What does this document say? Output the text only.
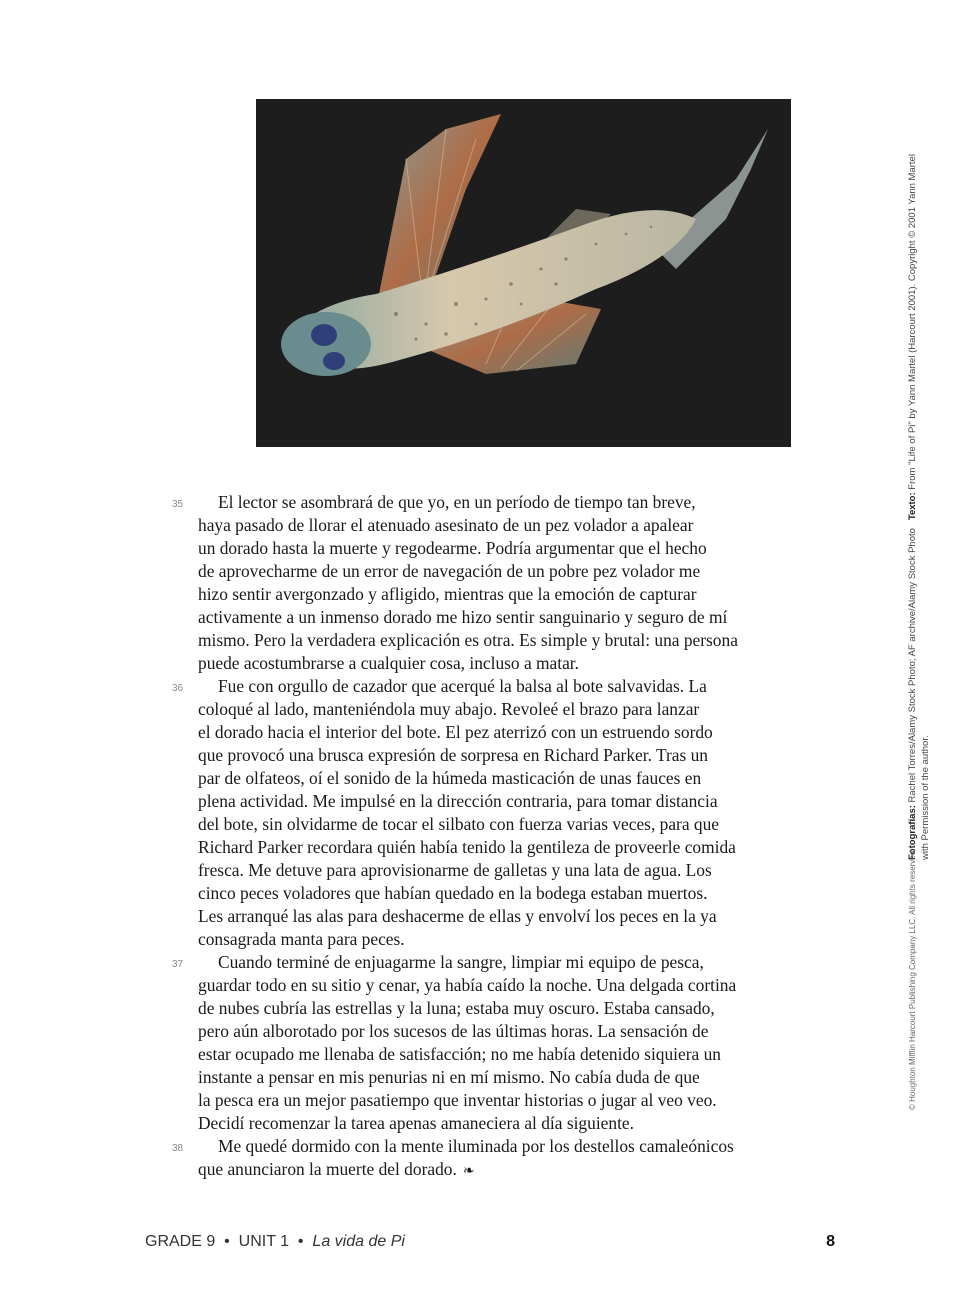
35	El lector se asombrará de que yo, en un período de tiempo tan breve,
haya pasado de llorar el atenuado asesinato de un pez volador a apalear
un dorado hasta la muerte y regodearme. Podría argumentar que el hecho
de aprovecharme de un error de navegación de un pobre pez volador me
hizo sentir avergonzado y afligido, mientras que la emoción de capturar
activamente a un inmenso dorado me hizo sentir sanguinario y seguro de mí
mismo. Pero la verdadera explicación es otra. Es simple y brutal: una persona
puede acostumbrarse a cualquier cosa, incluso a matar.
36	Fue con orgullo de cazador que acerqué la balsa al bote salvavidas. La
coloqué al lado, manteniéndola muy abajo. Revoleé el brazo para lanzar
el dorado hacia el interior del bote. El pez aterrizó con un estruendo sordo
que provocó una brusca expresión de sorpresa en Richard Parker. Tras un
par de olfateos, oí el sonido de la húmeda masticación de unas fauces en
plena actividad. Me impulsé en la dirección contraria, para tomar distancia
del bote, sin olvidarme de tocar el silbato con fuerza varias veces, para que
Richard Parker recordara quién había tenido la gentileza de proveerle comida
fresca. Me detuve para aprovisionarme de galletas y una lata de agua. Los
cinco peces voladores que habían quedado en la bodega estaban muertos.
Les arranqué las alas para deshacerme de ellas y envolví los peces en la ya
consagrada manta para peces.
37	Cuando terminé de enjuagarme la sangre, limpiar mi equipo de pesca,
guardar todo en su sitio y cenar, ya había caído la noche. Una delgada cortina
de nubes cubría las estrellas y la luna; estaba muy oscuro. Estaba cansado,
pero aún alborotado por los sucesos de las últimas horas. La sensación de
estar ocupado me llenaba de satisfacción; no me había detenido siquiera un
instante a pensar en mis penurias ni en mí mismo. No cabía duda de que
la pesca era un mejor pasatiempo que inventar historias o jugar al veo veo.
Decidí recomenzar la tarea apenas amaneciera al día siguiente.
38	Me quedé dormido con la mente iluminada por los destellos camaleónicos
que anunciaron la muerte del dorado. ❧
Fotografías: Rachel Torres/Alamy Stock Photo; AF archive/Alamy Stock Photo   Texto: From "Life of Pi" by Yann Martel (Harcourt 2001). Copyright © 2001 Yann Martel
with Permission of the author.
© Houghton Mifflin Harcourt Publishing Company LLC. All rights reserved.
GRADE 9 • UNIT 1 • La vida de Pi	8
